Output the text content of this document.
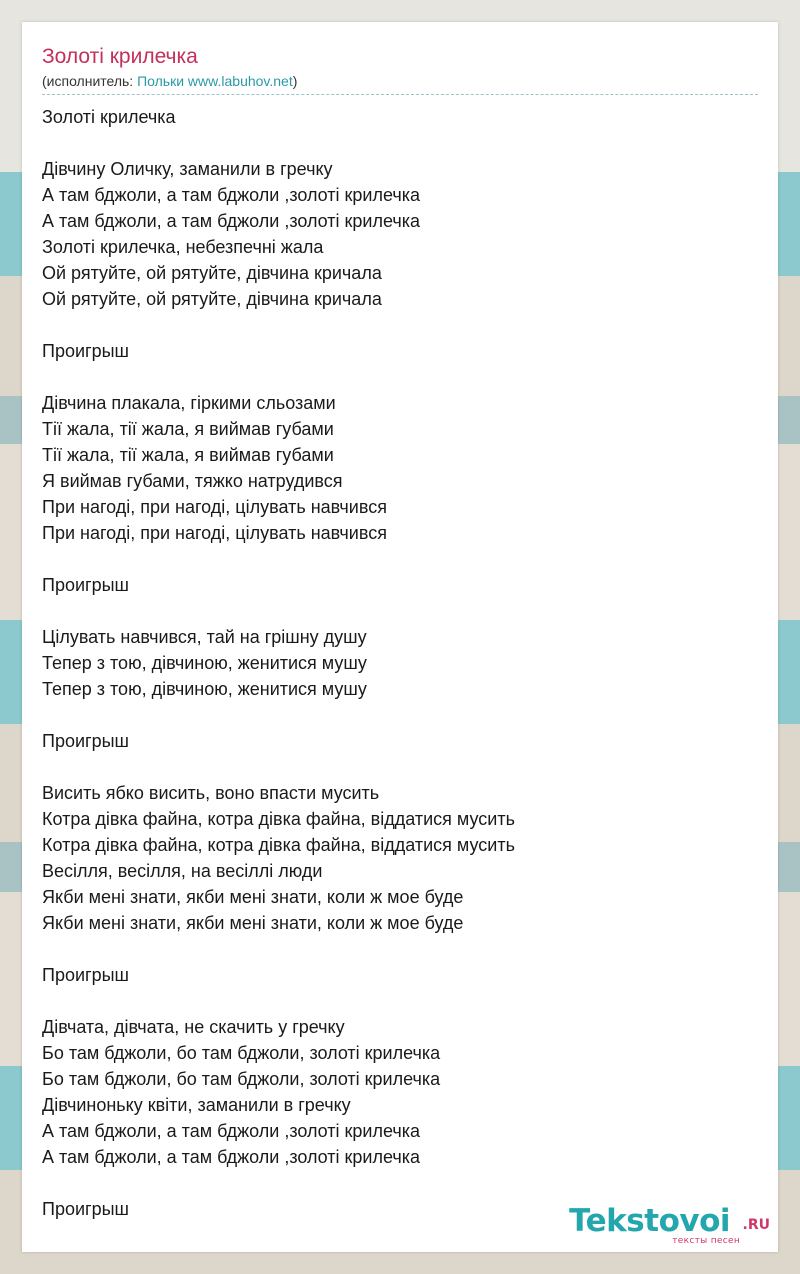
Золоті крилечка
(исполнитель: Польки www.labuhov.net)
Золоті крилечка
Дівчину Оличку, заманили в гречку
А там бджоли, а там бджоли ,золоті крилечка
А там бджоли, а там бджоли ,золоті крилечка
Золоті крилечка, небезпечні жала
Ой рятуйте, ой рятуйте, дівчина кричала
Ой рятуйте, ой рятуйте, дівчина кричала
Проигрыш
Дівчина плакала, гіркими сльозами
Тії жала, тії жала, я виймав губами
Тії жала, тії жала, я виймав губами
Я виймав губами, тяжко натрудився
При нагоді, при нагоді, цілувать навчився
При нагоді, при нагоді, цілувать навчився
Проигрыш
Цілувать навчився, тай на грішну душу
Тепер з тою, дівчиною, женитися мушу
Тепер з тою, дівчиною, женитися мушу
Проигрыш
Висить ябко висить, воно впасти мусить
Котра дівка файна, котра дівка файна, віддатися мусить
Котра дівка файна, котра дівка файна, віддатися мусить
Весілля, весілля, на весіллі люди
Якби мені знати, якби мені знати, коли ж мое буде
Якби мені знати, якби мені знати, коли ж мое буде
Проигрыш
Дівчата, дівчата, не скачить у гречку
Бо там бджоли, бо там бджоли, золоті крилечка
Бо там бджоли, бо там бджоли, золоті крилечка
Дівчиноньку квіти, заманили в гречку
А там бджоли, а там бджоли ,золоті крилечка
А там бджоли, а там бджоли ,золоті крилечка
Проигрыш	Tekstovoi .RU
тексты песен
